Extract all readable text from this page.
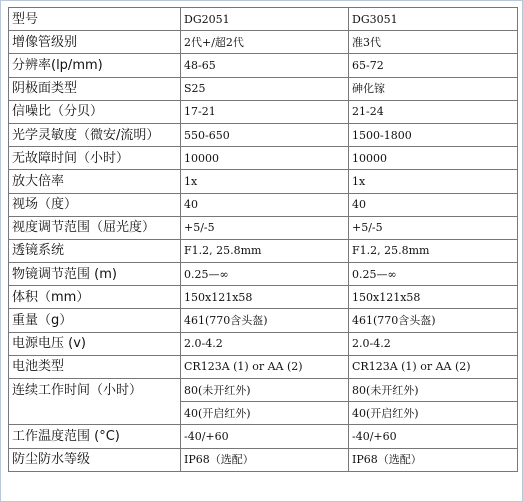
型号	DG2051	DG3051
增像管级别	2代+/超2代	准3代
分辨率(lp/mm)	48-65	65-72
阴极面类型	S25	砷化镓
信噪比（分贝）	17-21	21-24
光学灵敏度（微安/流明）	550-650	1500-1800
无故障时间（小时）	10000	10000
放大倍率	1x	1x
视场（度）	40	40
视度调节范围（屈光度）	+5/-5	+5/-5
透镜系统	F1.2, 25.8mm	F1.2, 25.8mm
物镜调节范围 (m)	0.25—∞	0.25—∞
体积（mm）	150x121x58	150x121x58
重量（g）	461(770含头盔)	461(770含头盔)
电源电压 (v)	2.0-4.2	2.0-4.2
电池类型	CR123A (1) or AA (2)	CR123A (1) or AA (2)
连续工作时间（小时）	80(未开红外)	80(未开红外)
	40(开启红外)	40(开启红外)
工作温度范围 (°C)	-40/+60	-40/+60
防尘防水等级	IP68（选配）	IP68（选配）
